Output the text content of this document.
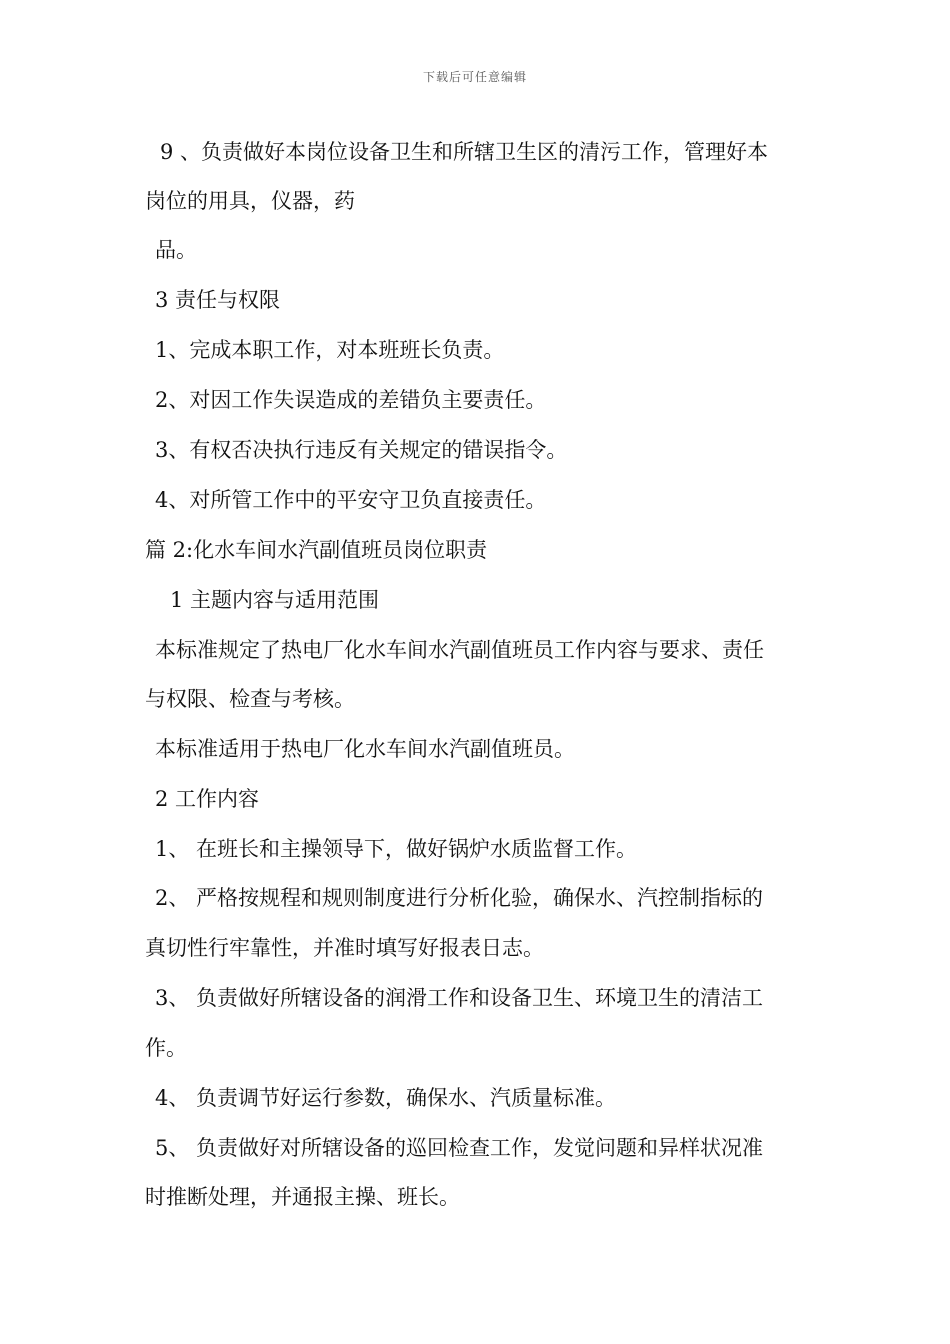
下载后可任意编辑
9 、负责做好本岗位设备卫生和所辖卫生区的清污工作，管理好本
岗位的用具，仪器，药
品。
3 责任与权限
1、完成本职工作，对本班班长负责。
2、对因工作失误造成的差错负主要责任。
3、有权否决执行违反有关规定的错误指令。
4、对所管工作中的平安守卫负直接责任。
篇 2:化水车间水汽副值班员岗位职责
1 主题内容与适用范围
本标准规定了热电厂化水车间水汽副值班员工作内容与要求、责任
与权限、检查与考核。
本标准适用于热电厂化水车间水汽副值班员。
2 工作内容
1、 在班长和主操领导下，做好锅炉水质监督工作。
2、 严格按规程和规则制度进行分析化验，确保水、汽控制指标的
真切性行牢靠性，并准时填写好报表日志。
3、 负责做好所辖设备的润滑工作和设备卫生、环境卫生的清洁工
作。
4、 负责调节好运行参数，确保水、汽质量标准。
5、 负责做好对所辖设备的巡回检查工作，发觉问题和异样状况准
时推断处理，并通报主操、班长。
